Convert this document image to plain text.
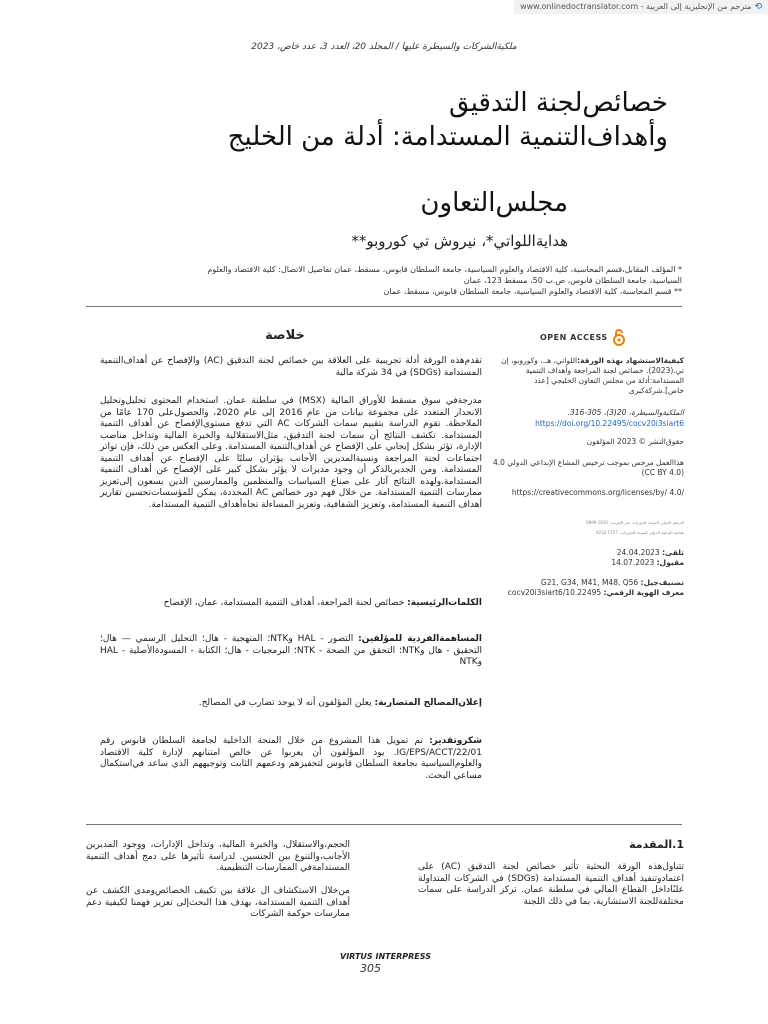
⟲مترجم من الإنجليزية إلى العربية - www.onlinedoctranslator.com
ملكية‌الشركات والسيطرة عليها / المجلد 20، العدد 3، عدد خاص، 2023
خصائص‌لجنة التدقيق
وأهداف‌التنمية المستدامة: أدلة من الخليج
مجلس‌التعاون
هداية‌اللواتي*، نيروش تي كوروبو**
* المؤلف المقابل،قسم المحاسبة، كلية الاقتصاد والعلوم السياسية، جامعة السلطان قابوس، مسقط، عمان تفاصيل الاتصال: كلية الاقتصاد والعلوم
السياسية، جامعة السلطان قابوس، ص.ب 50، مسقط 123، عمان
** قسم المحاسبة، كلية الاقتصاد والعلوم السياسية، جامعة السلطان قابوس، مسقط، عمان
OPEN ACCESS
خلاصة
تقدم‌هذه الورقة أدلة تجريبية على العلاقة بين خصائص لجنة التدقيق (AC) والإفصاح عن أهداف‌التنمية المستدامة (SDGs) في 34 شركة مالية
مدرجة‌في سوق مسقط للأوراق المالية (MSX) في سلطنة عمان. استخدام المحتوى تحليل‌وتحليل الانحدار المتعدد على مجموعة بيانات من عام 2016 إلى عام 2020، والحصول‌على 170 عامًا من الملاحظة. تقوم الدراسة بتقييم سمات الشركات AC التي تدفع مستوى‌الإفصاح عن أهداف التنمية المستدامة. تكشف النتائج أن سمات لجنة التدقيق، مثل‌الاستقلالية والخبرة المالية وتداخل مناصب الإدارة، تؤثر بشكل إيجابي على الإفصاح عن أهداف‌التنمية المستدامة. وعلى العكس من ذلك، فإن تواتر اجتماعات لجنة المراجعة ونسبة‌المديرين الأجانب يؤثران سلبًا على الإفصاح عن أهداف التنمية المستدامة. ومن الجدير‌بالذكر أن وجود مديرات لا يؤثر بشكل كبير على الإفصاح عن أهداف التنمية المستدامة.ولهذه النتائج آثار على صناع السياسات والمنظمين والممارسين الذين يسعون إلى‌تعزيز ممارسات التنمية المستدامة. من خلال فهم دور خصائص AC المحددة، يمكن للمؤسسات‌تحسين تقارير أهداف التنمية المستدامة، وتعزيز الشفافية، وتعزيز المساءلة تجاه‌أهداف التنمية المستدامة.
الكلمات‌الرئيسية: خصائص لجنة المراجعة، أهداف التنمية المستدامة، عمان، الإفصاح
المساهمة‌الفردية للمؤلفين: التصور - HAL وNTK؛ المنهجية - هال؛ التحليل الرسمي — هال؛التحقيق - هال وNTK؛ التحقق من الصحة - NTK؛ البرمجيات - هال؛ الكتابة - المسودة‌الأصلية - HAL وNTK
إعلان‌المصالح المتضاربة: يعلن المؤلفون أنه لا يوجد تضارب في المصالح.
شكروتقدير: تم تمويل هذا المشروع من خلال المنحة الداخلية لجامعة السلطان قابوس رقم IG/EPS/ACCT/22/01. يود المؤلفون أن يعربوا عن خالص امتنانهم لإدارة كلية الاقتصاد والعلوم‌السياسية بجامعة السلطان قابوس لتحفيزهم ودعمهم الثابت وتوجيههم الذي ساعد في‌استكمال مساعي البحث.
كيفية‌الاستشهاد بهذه الورقة:اللواتي، هـ.، وكوروبو، إن تي.(2023). خصائص لجنة المراجعة وأهداف التنمية المستدامة:أدلة من مجلس التعاون الخليجي [عدد خاص].شركة‌كبرى
الملكية‌والسيطرة، 20(3)، 305-316.
https://doi.org/10.22495/cocv20i3siart6
حقوق‌النشر © 2023 المؤلفون
هذا‌العمل مرخص بموجب ترخيص المشاع الإبداعي الدولي 4.0 (CC BY 4.0)
https://creativecommons.org/licenses/by/ 4.0/
الترقيم الدولي الموحد للدوريات عبر الإنترنت: 1810-0899
طباعة الترقيم الدولي الموحد للدوريات: 1727-9232
تلقى: 24.04.2023
مقبول: 14.07.2023
تصنيف‌جيل: G21, G34, M41, M48, Q56
معرف الهوية الرقمي: 10.22495/cocv20i3siart6
1.المقدمة
تتناول‌هذه الورقة البحثية تأثير خصائص لجنة التدقيق (AC) على اعتماد‌وتنفيذ أهداف التنمية المستدامة (SDGs) في الشركات المتداولة علنًا‌داخل القطاع المالي في سلطنة عمان. تركز الدراسة على سمات مختلفة‌للجنة الاستشارية، بما في ذلك اللجنة
الحجم،والاستقلال، والخبرة المالية، وتداخل الإدارات، ووجود المديرين الأجانب،والتنوع بين الجنسين. لدراسة تأثيرها على دمج أهداف التنمية المستدامة‌في الممارسات التنظيمية.
من‌خلال الاستكشاف ال علاقة بين تكييف الخصائص‌ومدى الكشف عن أهداف التنمية المستدامة، يهدف هذا البحث‌إلى تعزيز فهمنا لكيفية دعم ممارسات حوكمة الشركات
VIRTUS INTERPRESS
305
